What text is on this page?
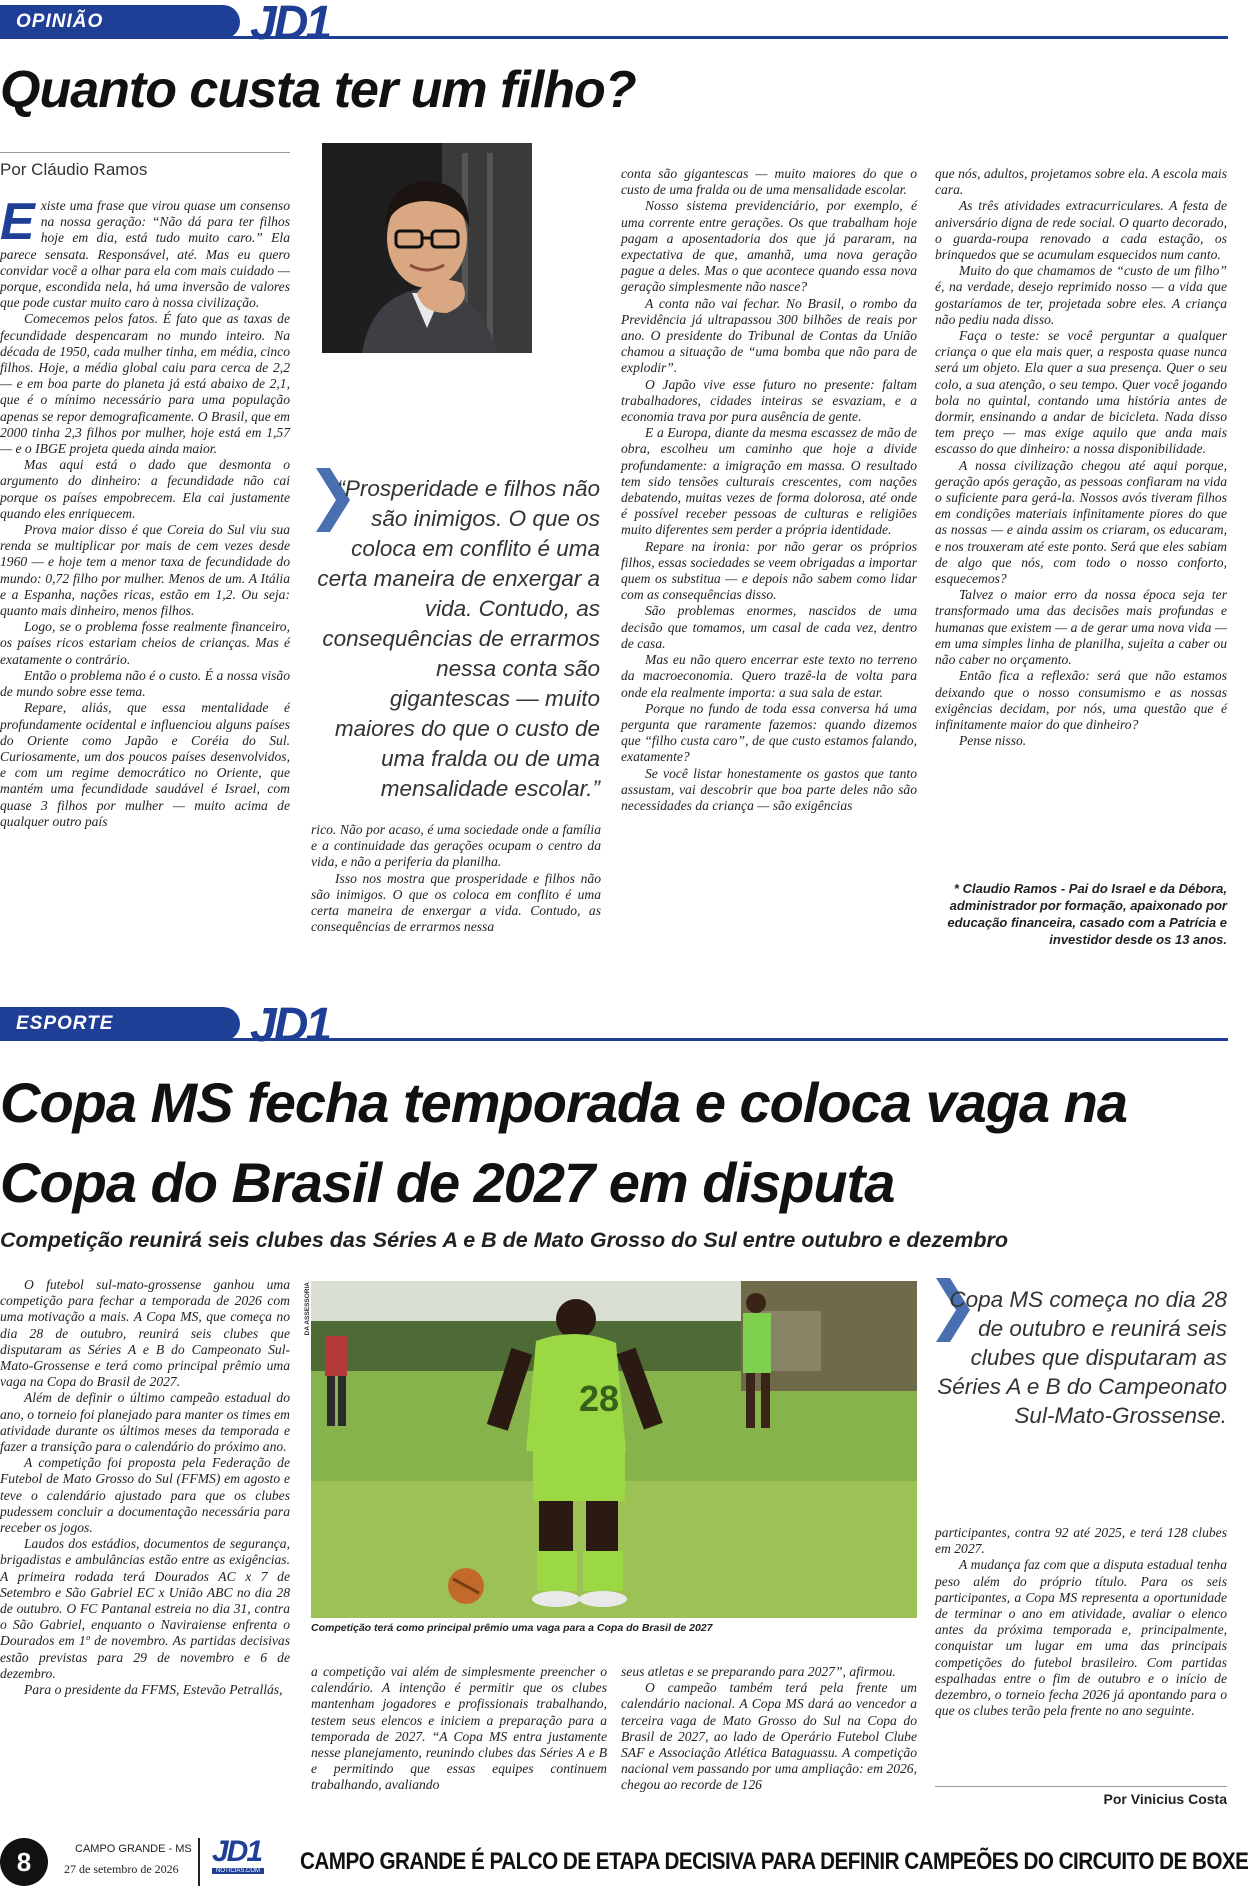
OPINIÃO	JD1
Quanto custa ter um filho?
Por Cláudio Ramos

Existe uma frase que virou quase um consenso na nossa geração: “Não dá para ter filhos hoje em dia, está tudo muito caro.” Ela parece sensata. Responsável, até. Mas eu quero convidar você a olhar para ela com mais cuidado — porque, escondida nela, há uma inversão de valores que pode custar muito caro à nossa civilização.

Comecemos pelos fatos. É fato que as taxas de fecundidade despencaram no mundo inteiro. Na década de 1950, cada mulher tinha, em média, cinco filhos. Hoje, a média global caiu para cerca de 2,2 — e em boa parte do planeta já está abaixo de 2,1, que é o mínimo necessário para uma população apenas se repor demograficamente. O Brasil, que em 2000 tinha 2,3 filhos por mulher, hoje está em 1,57 — e o IBGE projeta queda ainda maior.

Mas aqui está o dado que desmonta o argumento do dinheiro: a fecundidade não cai porque os países empobrecem. Ela cai justamente quando eles enriquecem.

Prova maior disso é que Coreia do Sul viu sua renda se multiplicar por mais de cem vezes desde 1960 — e hoje tem a menor taxa de fecundidade do mundo: 0,72 filho por mulher. Menos de um. A Itália e a Espanha, nações ricas, estão em 1,2. Ou seja: quanto mais dinheiro, menos filhos.

Logo, se o problema fosse realmente financeiro, os países ricos estariam cheios de crianças. Mas é exatamente o contrário.

Então o problema não é o custo. É a nossa visão de mundo sobre esse tema.

Repare, aliás, que essa mentalidade é profundamente ocidental e influenciou alguns países do Oriente como Japão e Coréia do Sul. Curiosamente, um dos poucos países desenvolvidos, e com um regime democrático no Oriente, que mantém uma fecundidade saudável é Israel, com quase 3 filhos por mulher — muito acima de qualquer outro país

“Prosperidade e filhos não são inimigos. O que os coloca em conflito é uma certa maneira de enxergar a vida. Contudo, as consequências de errarmos nessa conta são gigantescas — muito maiores do que o custo de uma fralda ou de uma mensalidade escolar.”

rico. Não por acaso, é uma sociedade onde a família e a continuidade das gerações ocupam o centro da vida, e não a periferia da planilha.

Isso nos mostra que prosperidade e filhos não são inimigos. O que os coloca em conflito é uma certa maneira de enxergar a vida. Contudo, as consequências de errarmos nessa

conta são gigantescas — muito maiores do que o custo de uma fralda ou de uma mensalidade escolar.

Nosso sistema previdenciário, por exemplo, é uma corrente entre gerações. Os que trabalham hoje pagam a aposentadoria dos que já pararam, na expectativa de que, amanhã, uma nova geração pague a deles. Mas o que acontece quando essa nova geração simplesmente não nasce?

A conta não vai fechar. No Brasil, o rombo da Previdência já ultrapassou 300 bilhões de reais por ano. O presidente do Tribunal de Contas da União chamou a situação de “uma bomba que não para de explodir”.

O Japão vive esse futuro no presente: faltam trabalhadores, cidades inteiras se esvaziam, e a economia trava por pura ausência de gente.

E a Europa, diante da mesma escassez de mão de obra, escolheu um caminho que hoje a divide profundamente: a imigração em massa. O resultado tem sido tensões culturais crescentes, com nações debatendo, muitas vezes de forma dolorosa, até onde é possível receber pessoas de culturas e religiões muito diferentes sem perder a própria identidade.

Repare na ironia: por não gerar os próprios filhos, essas sociedades se veem obrigadas a importar quem os substitua — e depois não sabem como lidar com as consequências disso.

São problemas enormes, nascidos de uma decisão que tomamos, um casal de cada vez, dentro de casa.

Mas eu não quero encerrar este texto no terreno da macroeconomia. Quero trazê-la de volta para onde ela realmente importa: a sua sala de estar.

Porque no fundo de toda essa conversa há uma pergunta que raramente fazemos: quando dizemos que “filho custa caro”, de que custo estamos falando, exatamente?

Se você listar honestamente os gastos que tanto assustam, vai descobrir que boa parte deles não são necessidades da criança — são exigências

que nós, adultos, projetamos sobre ela. A escola mais cara.

As três atividades extracurriculares. A festa de aniversário digna de rede social. O quarto decorado, o guarda-roupa renovado a cada estação, os brinquedos que se acumulam esquecidos num canto.

Muito do que chamamos de “custo de um filho” é, na verdade, desejo reprimido nosso — a vida que gostaríamos de ter, projetada sobre eles. A criança não pediu nada disso.

Faça o teste: se você perguntar a qualquer criança o que ela mais quer, a resposta quase nunca será um objeto. Ela quer a sua presença. Quer o seu colo, a sua atenção, o seu tempo. Quer você jogando bola no quintal, contando uma história antes de dormir, ensinando a andar de bicicleta. Nada disso tem preço — mas exige aquilo que anda mais escasso do que dinheiro: a nossa disponibilidade.

A nossa civilização chegou até aqui porque, geração após geração, as pessoas confiaram na vida o suficiente para gerá-la. Nossos avós tiveram filhos em condições materiais infinitamente piores do que as nossas — e ainda assim os criaram, os educaram, e nos trouxeram até este ponto. Será que eles sabiam de algo que nós, com todo o nosso conforto, esquecemos?

Talvez o maior erro da nossa época seja ter transformado uma das decisões mais profundas e humanas que existem — a de gerar uma nova vida — em uma simples linha de planilha, sujeita a caber ou não caber no orçamento.

Então fica a reflexão: será que não estamos deixando que o nosso consumismo e as nossas exigências decidam, por nós, uma questão que é infinitamente maior do que dinheiro?

Pense nisso.

* Claudio Ramos - Pai do Israel e da Débora, administrador por formação, apaixonado por educação financeira, casado com a Patrícia e investidor desde os 13 anos.
ESPORTE	JD1
Copa MS fecha temporada e coloca vaga na
Copa do Brasil de 2027 em disputa
Competição reunirá seis clubes das Séries A e B de Mato Grosso do Sul entre outubro e dezembro

O futebol sul-mato-grossense ganhou uma competição para fechar a temporada de 2026 com uma motivação a mais. A Copa MS, que começa no dia 28 de outubro, reunirá seis clubes que disputaram as Séries A e B do Campeonato Sul-Mato-Grossense e terá como principal prêmio uma vaga na Copa do Brasil de 2027.

Além de definir o último campeão estadual do ano, o torneio foi planejado para manter os times em atividade durante os últimos meses da temporada e fazer a transição para o calendário do próximo ano.

A competição foi proposta pela Federação de Futebol de Mato Grosso do Sul (FFMS) em agosto e teve o calendário ajustado para que os clubes pudessem concluir a documentação necessária para receber os jogos.

Laudos dos estádios, documentos de segurança, brigadistas e ambulâncias estão entre as exigências. A primeira rodada terá Dourados AC x 7 de Setembro e São Gabriel EC x União ABC no dia 28 de outubro. O FC Pantanal estreia no dia 31, contra o São Gabriel, enquanto o Naviraiense enfrenta o Dourados em 1º de novembro. As partidas decisivas estão previstas para 29 de novembro e 6 de dezembro.

Para o presidente da FFMS, Estevão Petrallás,

28
DA ASSESSORIA
Competição terá como principal prêmio uma vaga para a Copa do Brasil de 2027

a competição vai além de simplesmente preencher o calendário. A intenção é permitir que os clubes mantenham jogadores e profissionais trabalhando, testem seus elencos e iniciem a preparação para a temporada de 2027. “A Copa MS entra justamente nesse planejamento, reunindo clubes das Séries A e B e permitindo que essas equipes continuem trabalhando, avaliando

seus atletas e se preparando para 2027”, afirmou.

O campeão também terá pela frente um calendário nacional. A Copa MS dará ao vencedor a terceira vaga de Mato Grosso do Sul na Copa do Brasil de 2027, ao lado de Operário Futebol Clube SAF e Associação Atlética Bataguassu. A competição nacional vem passando por uma ampliação: em 2026, chegou ao recorde de 126

Copa MS começa no dia 28 de outubro e reunirá seis clubes que disputaram as Séries A e B do Campeonato Sul-Mato-Grossense.

participantes, contra 92 até 2025, e terá 128 clubes em 2027.

A mudança faz com que a disputa estadual tenha peso além do próprio título. Para os seis participantes, a Copa MS representa a oportunidade de terminar o ano em atividade, avaliar o elenco antes da próxima temporada e, principalmente, conquistar um lugar em uma das principais competições do futebol brasileiro. Com partidas espalhadas entre o fim de outubro e o início de dezembro, o torneio fecha 2026 já apontando para o que os clubes terão pela frente no ano seguinte.

Por Vinicius Costa
8	CAMPO GRANDE - MS
27 de setembro de 2026
JD1
NOTÍCIAS.COM CAMPO GRANDE É PALCO DE ETAPA DECISIVA PARA DEFINIR CAMPEÕES DO CIRCUITO DE BOXE
